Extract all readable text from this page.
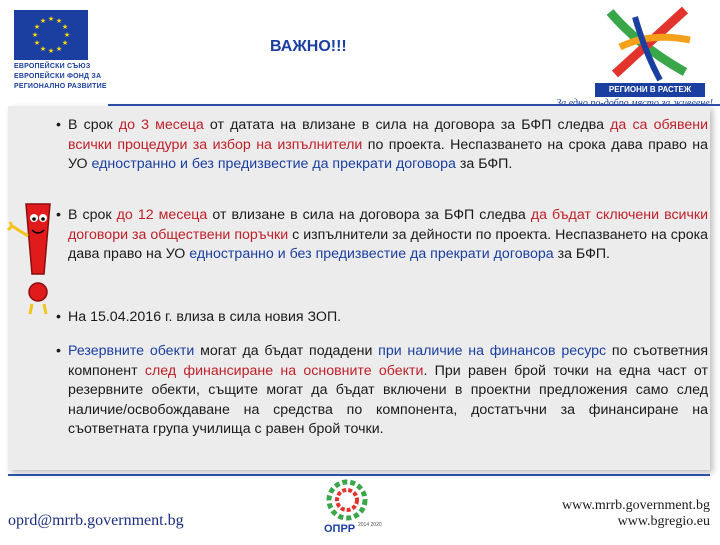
★ ★
★
★
★
★
★
★
★
★
★
★
ЕВРОПЕЙСКИ СЪЮЗ
ЕВРОПЕЙСКИ ФОНД ЗА
РЕГИОНАЛНО РАЗВИТИЕ
ВАЖНО!!!
РЕГИОНИ В РАСТЕЖ
• В срок до 3 месеца от датата на влизане в сила на договора за БФП следва да са обявени всички процедури за избор на изпълнители по проекта. Неспазването на срока дава право на УО едностранно и без предизвестие да прекрати договора за БФП.
• В срок до 12 месеца от влизане в сила на договора за БФП следва да бъдат сключени всички договори за обществени поръчки с изпълнители за дейности по проекта. Неспазването на срока дава право на УО едностранно и без предизвестие да прекрати договора за БФП.
• На 15.04.2016 г. влиза в сила новия ЗОП.
• Резервните обекти могат да бъдат подадени при наличие на финансов ресурс по съответния компонент след финансиране на основните обекти. При равен брой точки на една част от резервните обекти, същите могат да бъдат включени в проектни предложения само след наличие/освобождаване на средства по компонента, достатъчни за финансиране на съответната група училища с равен брой точки.
oprd@mrrb.government.bg	ОПРР 2014 2020
www.mrrb.government.bg
www.bgregio.eu
